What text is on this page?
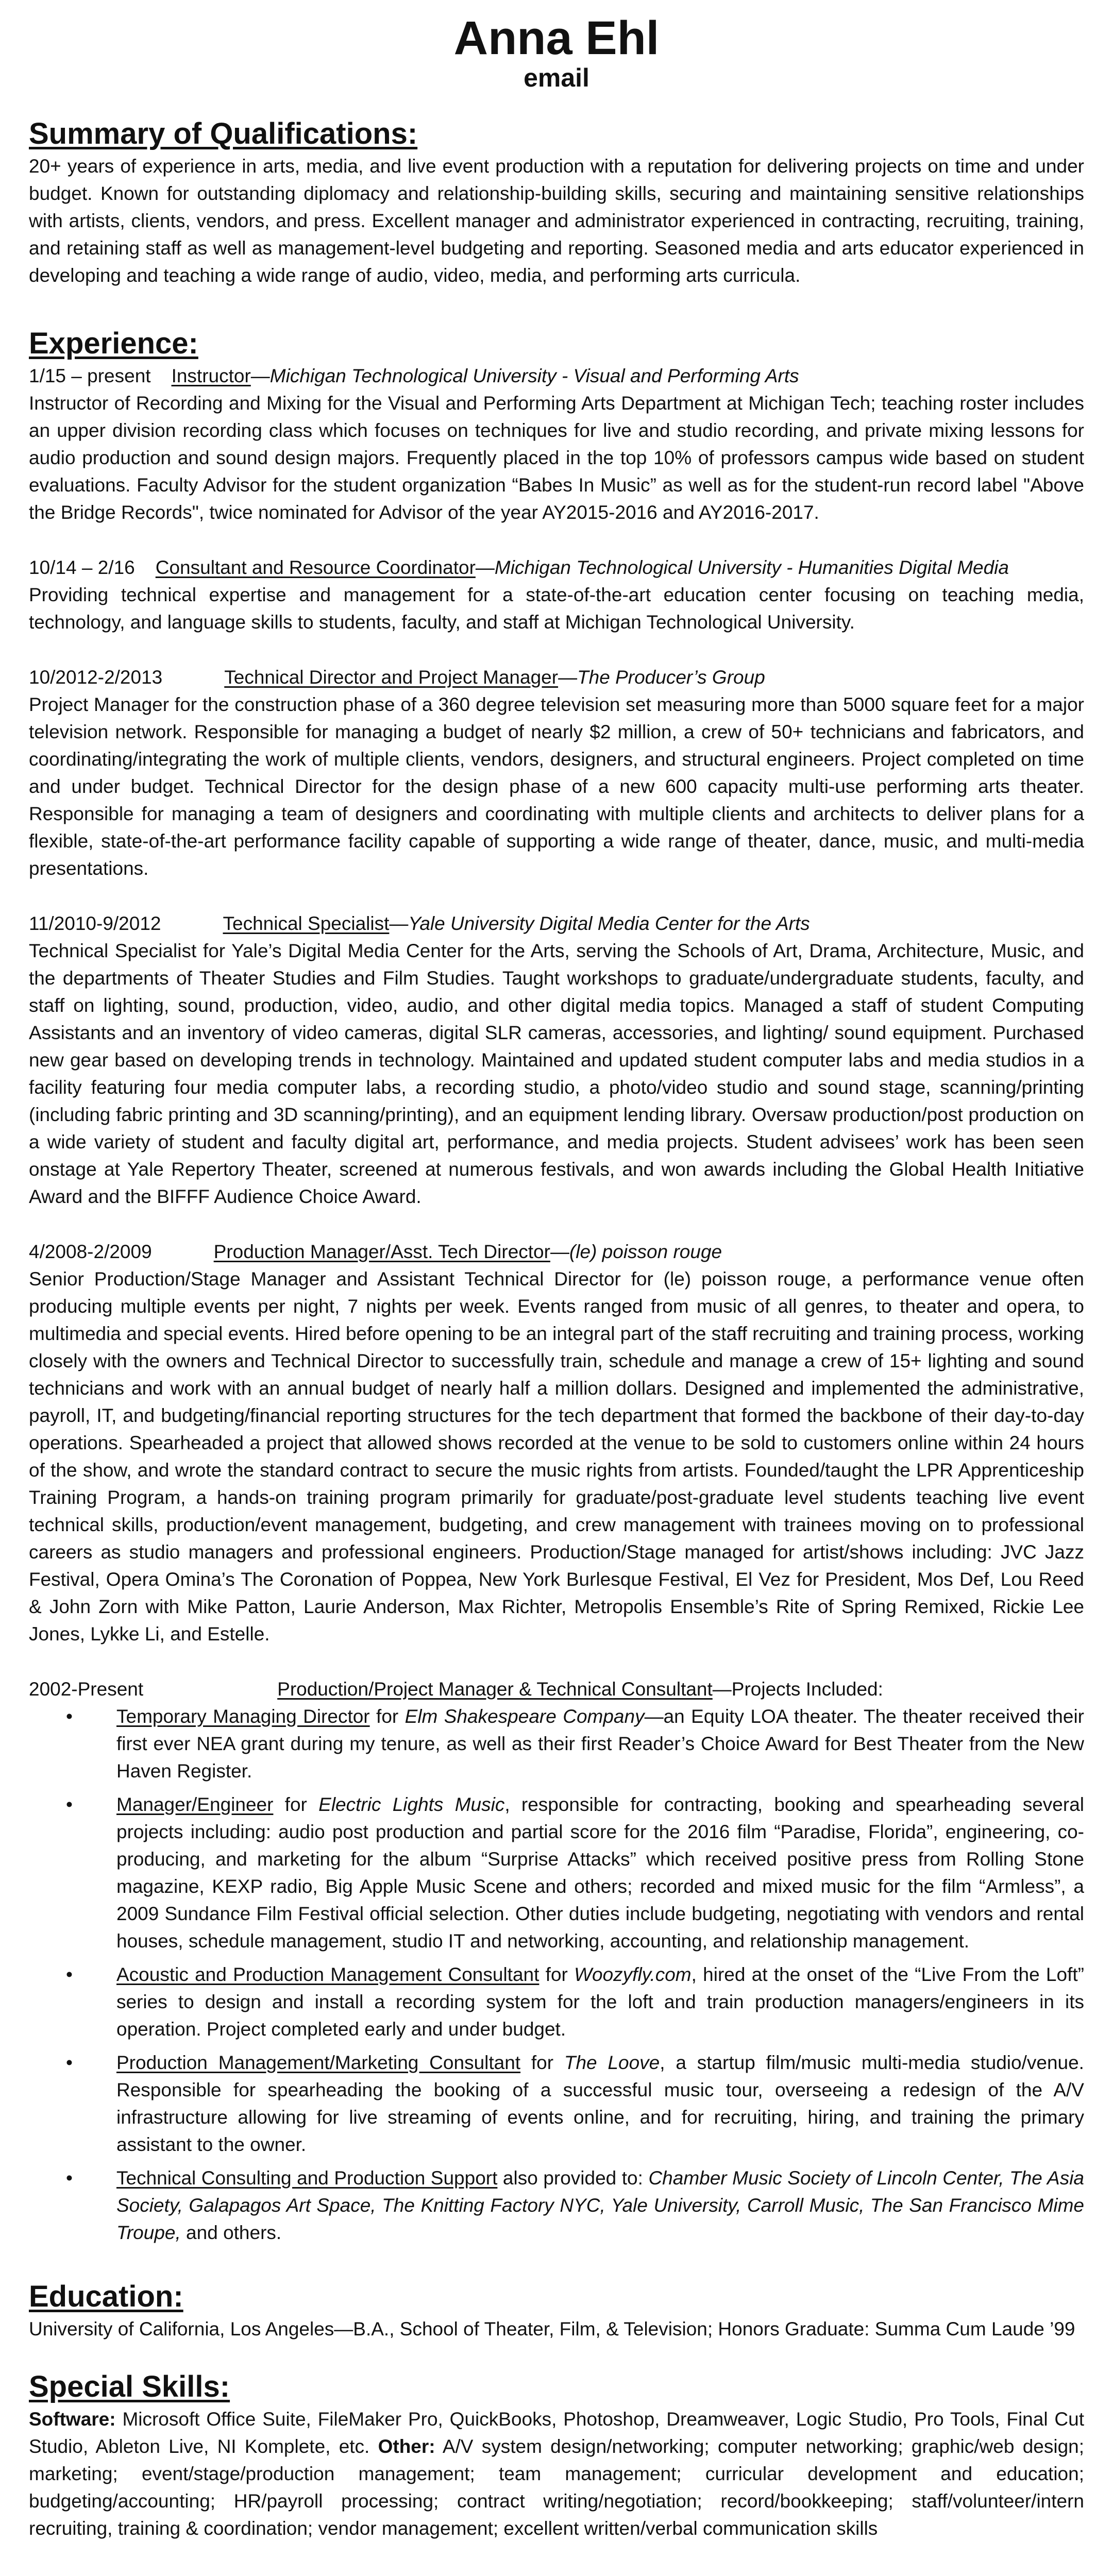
Anna Ehl
email
Summary of Qualifications:

20+ years of experience in arts, media, and live event production with a reputation for delivering projects on time and under budget. Known for outstanding diplomacy and relationship-building skills, securing and maintaining sensitive relationships with artists, clients, vendors, and press. Excellent manager and administrator experienced in contracting, recruiting, training, and retaining staff as well as management-level budgeting and reporting. Seasoned media and arts educator experienced in developing and teaching a wide range of audio, video, media, and performing arts curricula.

Experience:

1/15 – present Instructor—Michigan Technological University - Visual and Performing Arts

Instructor of Recording and Mixing for the Visual and Performing Arts Department at Michigan Tech; teaching roster includes an upper division recording class which focuses on techniques for live and studio recording, and private mixing lessons for audio production and sound design majors. Frequently placed in the top 10% of professors campus wide based on student evaluations. Faculty Advisor for the student organization “Babes In Music” as well as for the student-run record label "Above the Bridge Records", twice nominated for Advisor of the year AY2015-2016 and AY2016-2017.

10/14 – 2/16 Consultant and Resource Coordinator—Michigan Technological University - Humanities Digital Media

Providing technical expertise and management for a state-of-the-art education center focusing on teaching media, technology, and language skills to students, faculty, and staff at Michigan Technological University.

10/2012-2/2013	Technical Director and Project Manager—The Producer’s Group

Project Manager for the construction phase of a 360 degree television set measuring more than 5000 square feet for a major television network. Responsible for managing a budget of nearly $2 million, a crew of 50+ technicians and fabricators, and coordinating/integrating the work of multiple clients, vendors, designers, and structural engineers. Project completed on time and under budget. Technical Director for the design phase of a new 600 capacity multi-use performing arts theater. Responsible for managing a team of designers and coordinating with multiple clients and architects to deliver plans for a flexible, state-of-the-art performance facility capable of supporting a wide range of theater, dance, music, and multi-media presentations.

11/2010-9/2012	Technical Specialist—Yale University Digital Media Center for the Arts

Technical Specialist for Yale’s Digital Media Center for the Arts, serving the Schools of Art, Drama, Architecture, Music, and the departments of Theater Studies and Film Studies. Taught workshops to graduate/undergraduate students, faculty, and staff on lighting, sound, production, video, audio, and other digital media topics. Managed a staff of student Computing Assistants and an inventory of video cameras, digital SLR cameras, accessories, and lighting/ sound equipment. Purchased new gear based on developing trends in technology. Maintained and updated student computer labs and media studios in a facility featuring four media computer labs, a recording studio, a photo/video studio and sound stage, scanning/printing (including fabric printing and 3D scanning/printing), and an equipment lending library. Oversaw production/post production on a wide variety of student and faculty digital art, performance, and media projects. Student advisees’ work has been seen onstage at Yale Repertory Theater, screened at numerous festivals, and won awards including the Global Health Initiative Award and the BIFFF Audience Choice Award.

4/2008-2/2009	Production Manager/Asst. Tech Director—(le) poisson rouge

Senior Production/Stage Manager and Assistant Technical Director for (le) poisson rouge, a performance venue often producing multiple events per night, 7 nights per week. Events ranged from music of all genres, to theater and opera, to multimedia and special events. Hired before opening to be an integral part of the staff recruiting and training process, working closely with the owners and Technical Director to successfully train, schedule and manage a crew of 15+ lighting and sound technicians and work with an annual budget of nearly half a million dollars. Designed and implemented the administrative, payroll, IT, and budgeting/financial reporting structures for the tech department that formed the backbone of their day-to-day operations. Spearheaded a project that allowed shows recorded at the venue to be sold to customers online within 24 hours of the show, and wrote the standard contract to secure the music rights from artists. Founded/taught the LPR Apprenticeship Training Program, a hands-on training program primarily for graduate/post-graduate level students teaching live event technical skills, production/event management, budgeting, and crew management with trainees moving on to professional careers as studio managers and professional engineers. Production/Stage managed for artist/shows including: JVC Jazz Festival, Opera Omina’s The Coronation of Poppea, New York Burlesque Festival, El Vez for President, Mos Def, Lou Reed & John Zorn with Mike Patton, Laurie Anderson, Max Richter, Metropolis Ensemble’s Rite of Spring Remixed, Rickie Lee Jones, Lykke Li, and Estelle.

2002-Present	Production/Project Manager & Technical Consultant—Projects Included:

• Temporary Managing Director for Elm Shakespeare Company—an Equity LOA theater. The theater received their first ever NEA grant during my tenure, as well as their first Reader’s Choice Award for Best Theater from the New Haven Register.
• Manager/Engineer for Electric Lights Music, responsible for contracting, booking and spearheading several projects including: audio post production and partial score for the 2016 film “Paradise, Florida”, engineering, co-producing, and marketing for the album “Surprise Attacks” which received positive press from Rolling Stone magazine, KEXP radio, Big Apple Music Scene and others; recorded and mixed music for the film “Armless”, a 2009 Sundance Film Festival official selection. Other duties include budgeting, negotiating with vendors and rental houses, schedule management, studio IT and networking, accounting, and relationship management.
• Acoustic and Production Management Consultant for Woozyfly.com, hired at the onset of the “Live From the Loft” series to design and install a recording system for the loft and train production managers/engineers in its operation. Project completed early and under budget.
• Production Management/Marketing Consultant for The Loove, a startup film/music multi-media studio/venue. Responsible for spearheading the booking of a successful music tour, overseeing a redesign of the A/V infrastructure allowing for live streaming of events online, and for recruiting, hiring, and training the primary assistant to the owner.
• Technical Consulting and Production Support also provided to: Chamber Music Society of Lincoln Center, The Asia Society, Galapagos Art Space, The Knitting Factory NYC, Yale University, Carroll Music, The San Francisco Mime Troupe, and others.
Education:

University of California, Los Angeles—B.A., School of Theater, Film, & Television; Honors Graduate: Summa Cum Laude ’99

Special Skills:

Software: Microsoft Office Suite, FileMaker Pro, QuickBooks, Photoshop, Dreamweaver, Logic Studio, Pro Tools, Final Cut Studio, Ableton Live, NI Komplete, etc. Other: A/V system design/networking; computer networking; graphic/web design; marketing; event/stage/production management; team management; curricular development and education; budgeting/accounting; HR/payroll processing; contract writing/negotiation; record/bookkeeping; staff/volunteer/intern recruiting, training & coordination; vendor management; excellent written/verbal communication skills
